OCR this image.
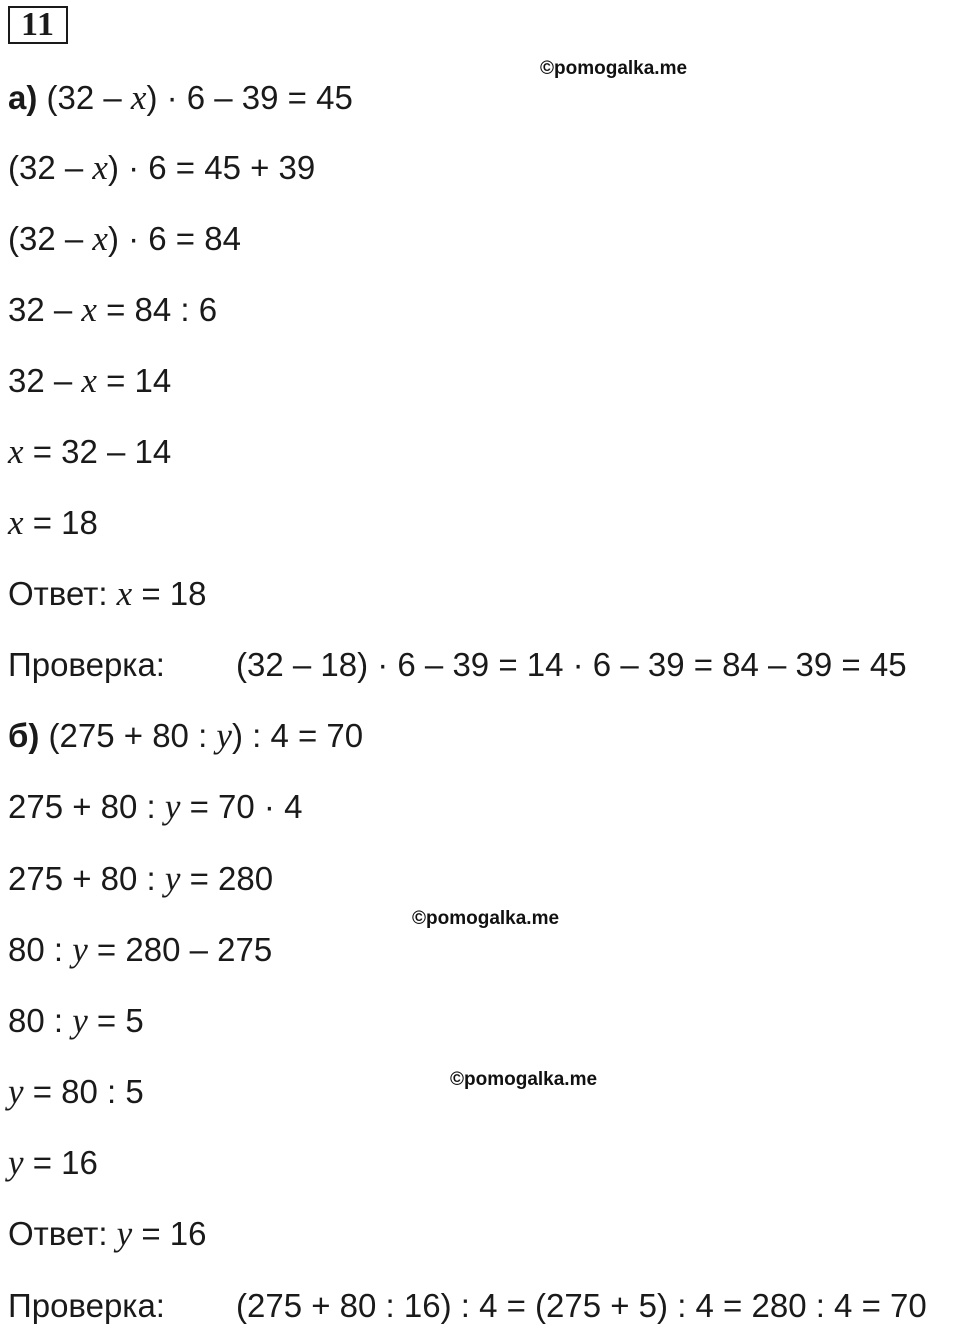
11
©pomogalka.me
©pomogalka.me
©pomogalka.me
а) (32 – x) · 6 – 39 = 45
(32 – x) · 6 = 45 + 39
(32 – x) · 6 = 84
32 – x = 84 : 6
32 – x = 14
x = 32 – 14
x = 18
Ответ: x = 18
Проверка: (32 – 18) · 6 – 39 = 14 · 6 – 39 = 84 – 39 = 45
б) (275 + 80 : y) : 4 = 70
275 + 80 : y = 70 · 4
275 + 80 : y = 280
80 : y = 280 – 275
80 : y = 5
y = 80 : 5
y = 16
Ответ: y = 16
Проверка: (275 + 80 : 16) : 4 = (275 + 5) : 4 = 280 : 4 = 70
